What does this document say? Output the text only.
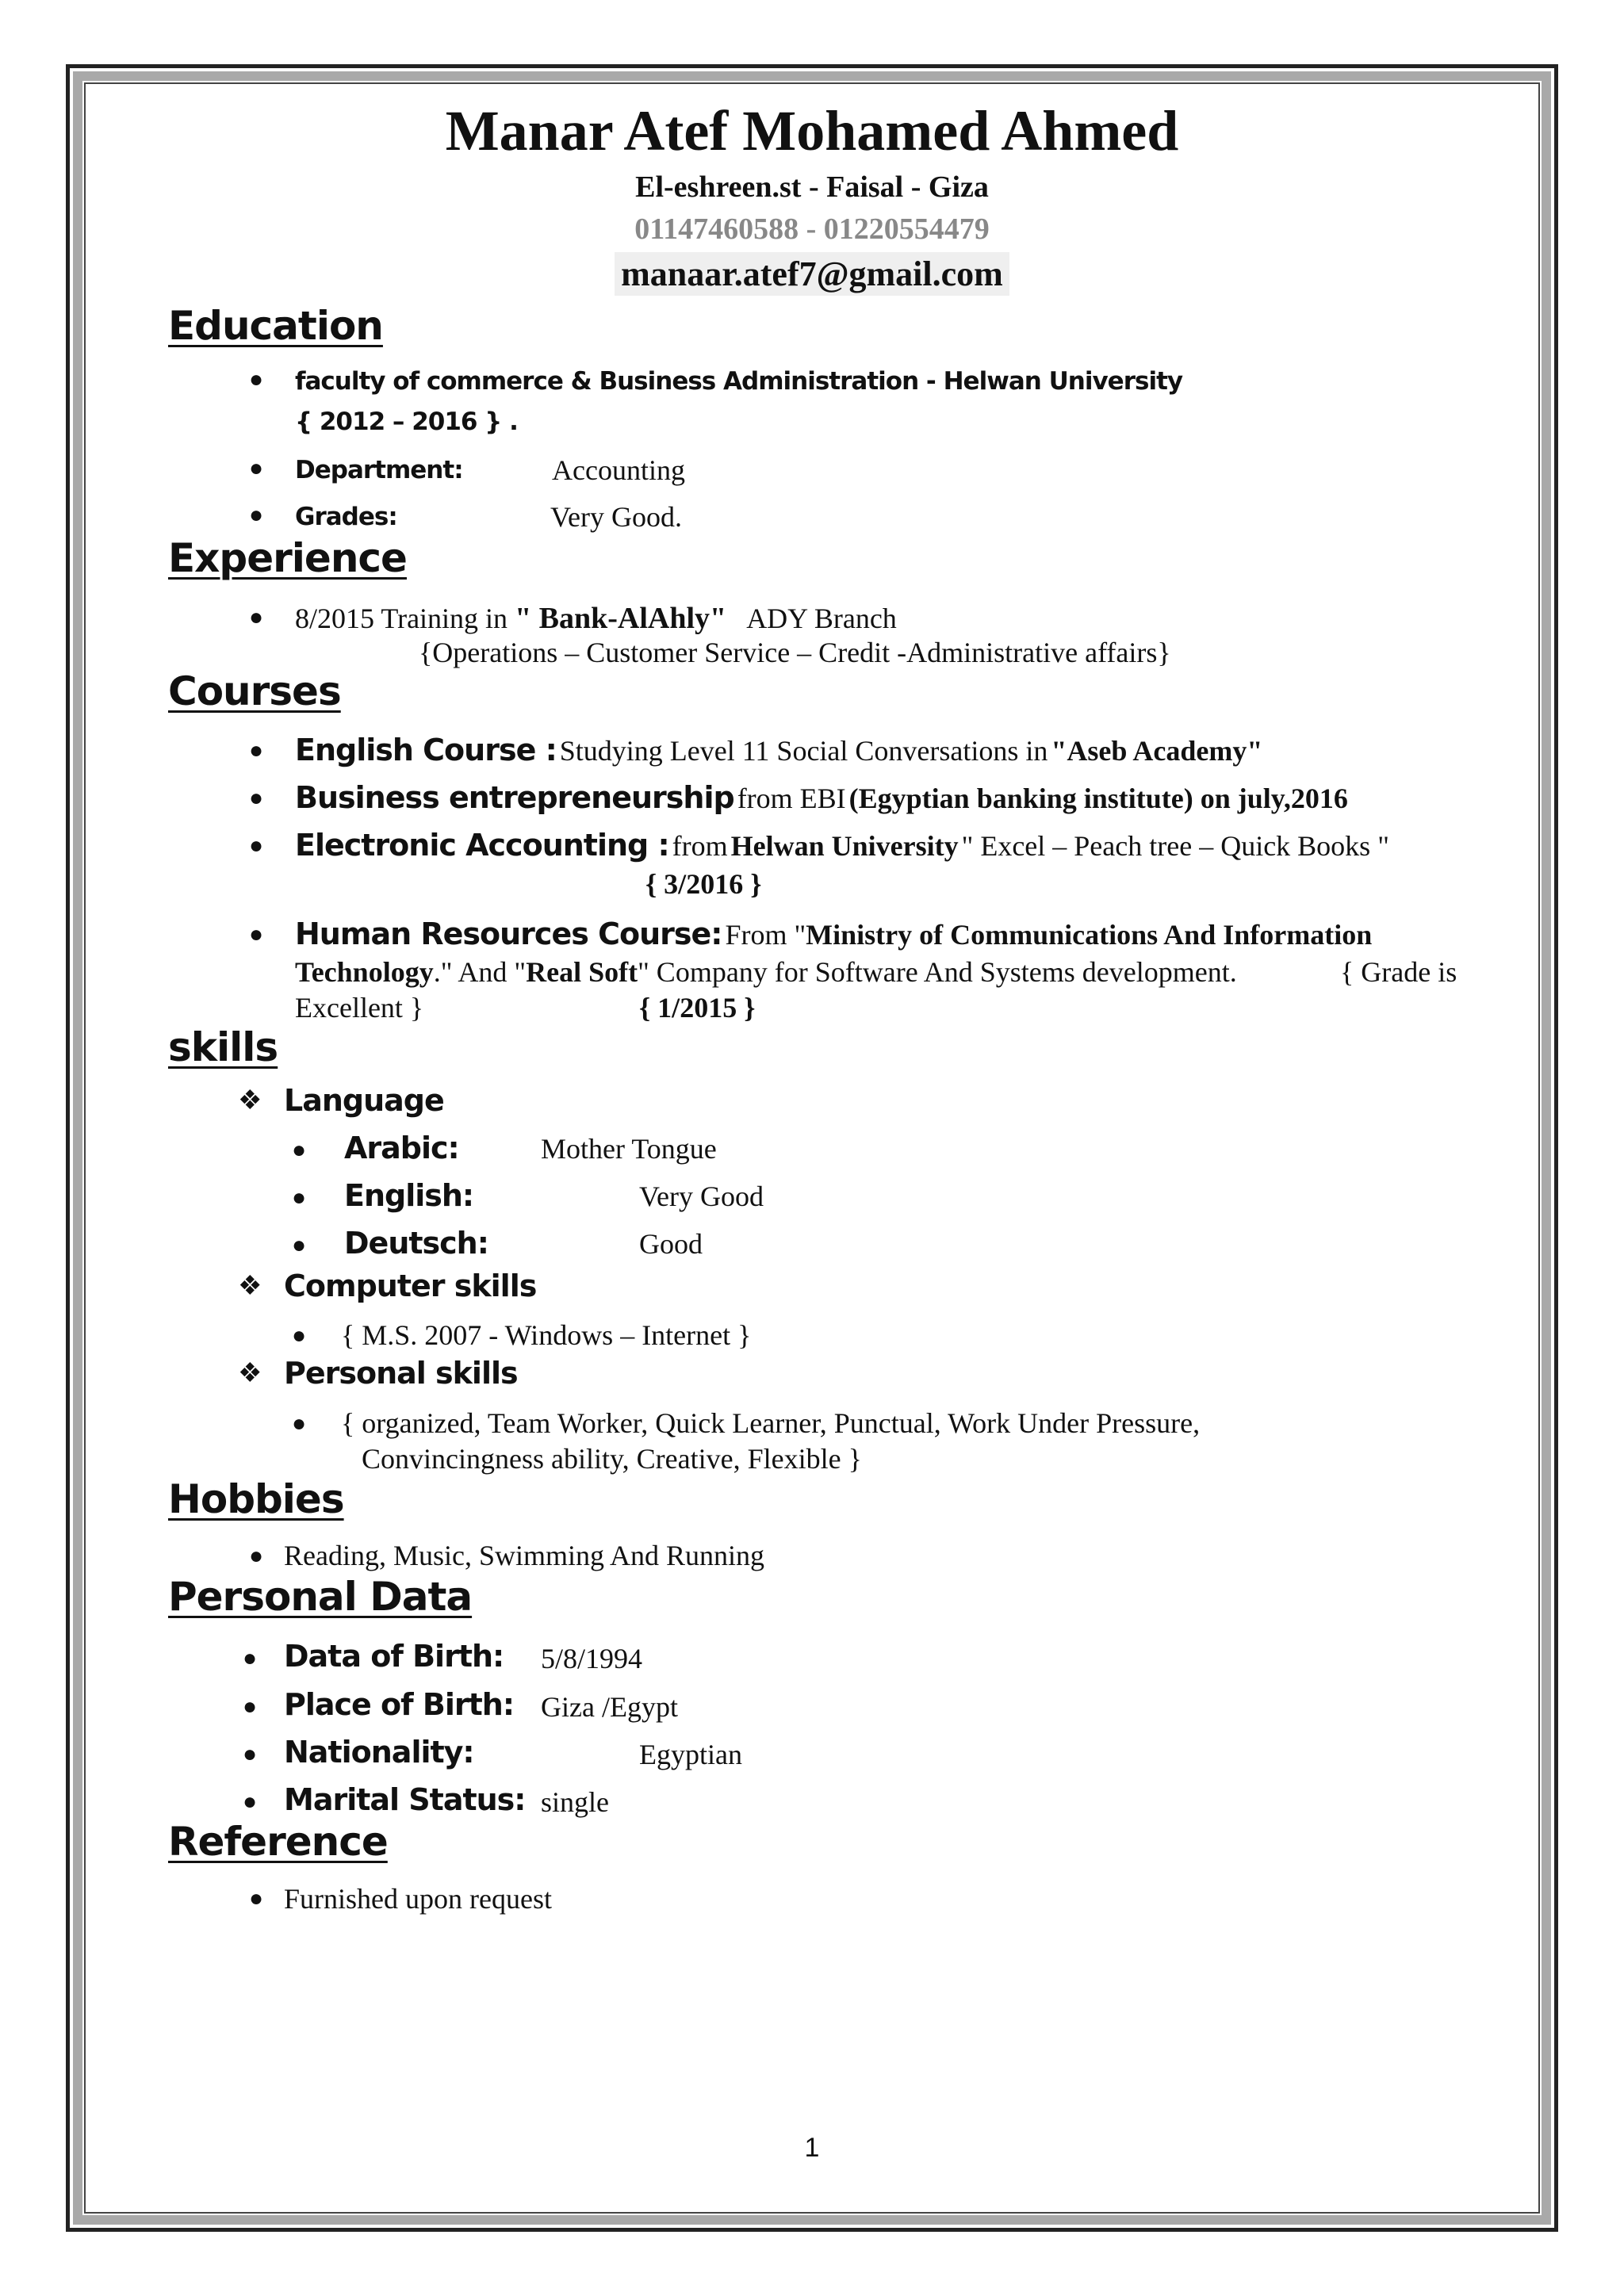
Manar Atef Mohamed Ahmed
El-eshreen.st - Faisal - Giza
01147460588 - 01220554479
manaar.atef7@gmail.com
Education
● faculty of commerce & Business Administration - Helwan University
{ 2012 – 2016 } .
● Department:	Accounting
● Grades:	Very Good.
Experience
● 8/2015 Training in " Bank-AlAhly" ADY Branch
{Operations – Customer Service – Credit -Administrative affairs}
Courses
● English Course : Studying Level 11 Social Conversations in "Aseb Academy"
● Business entrepreneurship from EBI (Egyptian banking institute) on july,2016
● Electronic Accounting : from Helwan University " Excel – Peach tree – Quick Books "
{ 3/2016 }
● Human Resources Course: From "Ministry of Communications And Information
Technology." And "Real Soft" Company for Software And Systems development.	{ Grade is
Excellent }	{ 1/2015 }
skills
❖ Language
● Arabic:	Mother Tongue
● English:	Very Good
● Deutsch:	Good
❖ Computer skills
● { M.S. 2007 - Windows – Internet }
❖ Personal skills
● { organized, Team Worker, Quick Learner, Punctual, Work Under Pressure,
Convincingness ability, Creative, Flexible }
Hobbies
● Reading, Music, Swimming And Running
Personal Data
● Data of Birth: 5/8/1994
● Place of Birth: Giza /Egypt
● Nationality:	Egyptian
● Marital Status: single
Reference
● Furnished upon request
1
